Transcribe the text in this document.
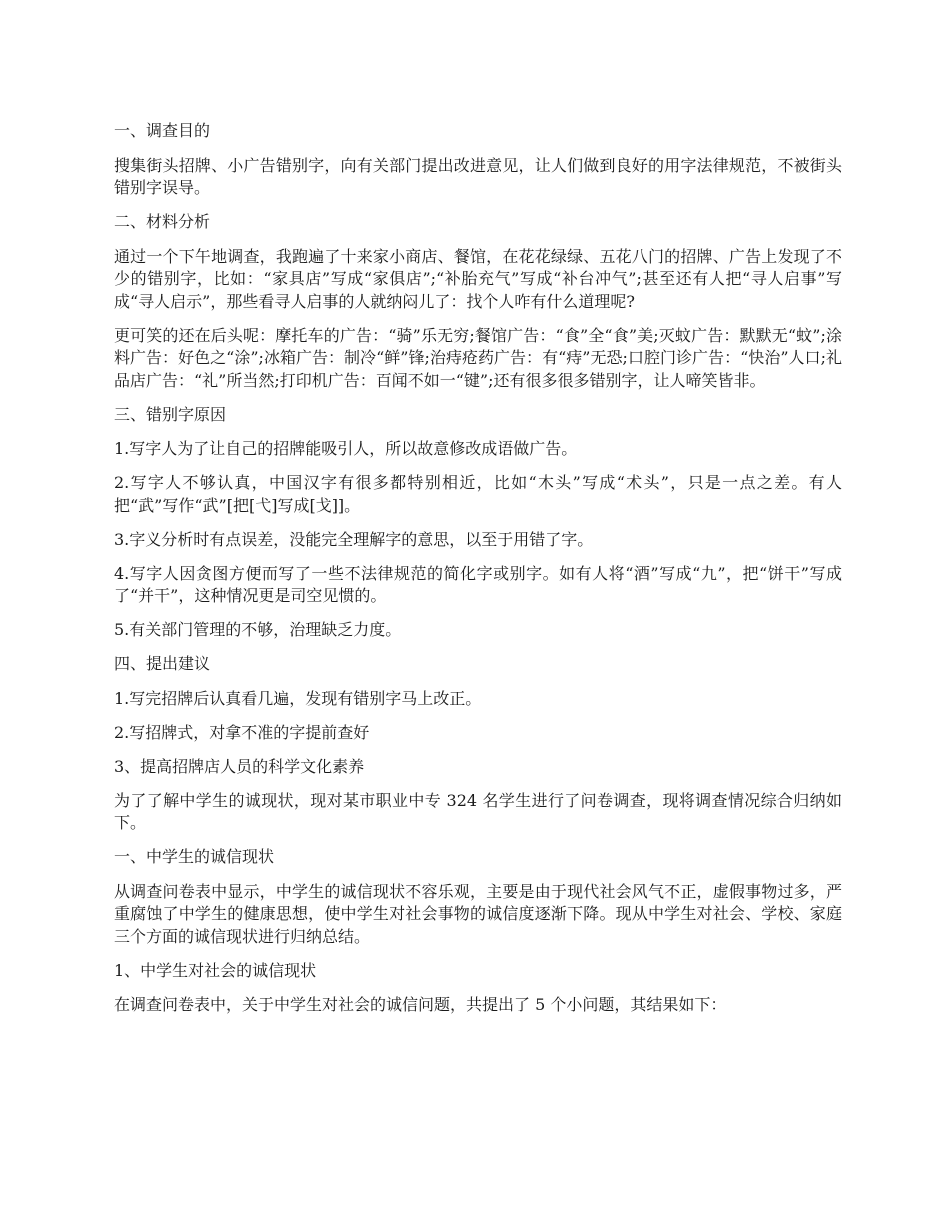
一、调查目的

搜集街头招牌、小广告错别字，向有关部门提出改进意见，让人们做到良好的用字法律规范，不被街头错别字误导。

二、材料分析

通过一个下午地调查，我跑遍了十来家小商店、餐馆，在花花绿绿、五花八门的招牌、广告上发现了不少的错别字，比如：“家具店”写成“家俱店”;“补胎充气”写成“补台冲气”;甚至还有人把“寻人启事”写成“寻人启示”，那些看寻人启事的人就纳闷儿了：找个人咋有什么道理呢?

更可笑的还在后头呢：摩托车的广告：“骑”乐无穷;餐馆广告：“食”全“食”美;灭蚊广告：默默无“蚊”;涂料广告：好色之“涂”;冰箱广告：制冷“鲜”锋;治痔疮药广告：有“痔”无恐;口腔门诊广告：“快治”人口;礼品店广告：“礼”所当然;打印机广告：百闻不如一“键”;还有很多很多错别字，让人啼笑皆非。

三、错别字原因

1.写字人为了让自己的招牌能吸引人，所以故意修改成语做广告。

2.写字人不够认真，中国汉字有很多都特别相近，比如“木头”写成“术头”，只是一点之差。有人把“武”写作“武”[把[弋]写成[戈]]。

3.字义分析时有点误差，没能完全理解字的意思，以至于用错了字。

4.写字人因贪图方便而写了一些不法律规范的简化字或别字。如有人将“酒”写成“九”，把“饼干”写成了“并干”，这种情况更是司空见惯的。

5.有关部门管理的不够，治理缺乏力度。

四、提出建议

1.写完招牌后认真看几遍，发现有错别字马上改正。

2.写招牌式，对拿不准的字提前查好

3、提高招牌店人员的科学文化素养

为了了解中学生的诚现状，现对某市职业中专 324 名学生进行了问卷调查，现将调查情况综合归纳如下。

一、中学生的诚信现状

从调查问卷表中显示，中学生的诚信现状不容乐观，主要是由于现代社会风气不正，虚假事物过多，严重腐蚀了中学生的健康思想，使中学生对社会事物的诚信度逐渐下降。现从中学生对社会、学校、家庭三个方面的诚信现状进行归纳总结。

1、中学生对社会的诚信现状

在调查问卷表中，关于中学生对社会的诚信问题，共提出了 5 个小问题，其结果如下：
